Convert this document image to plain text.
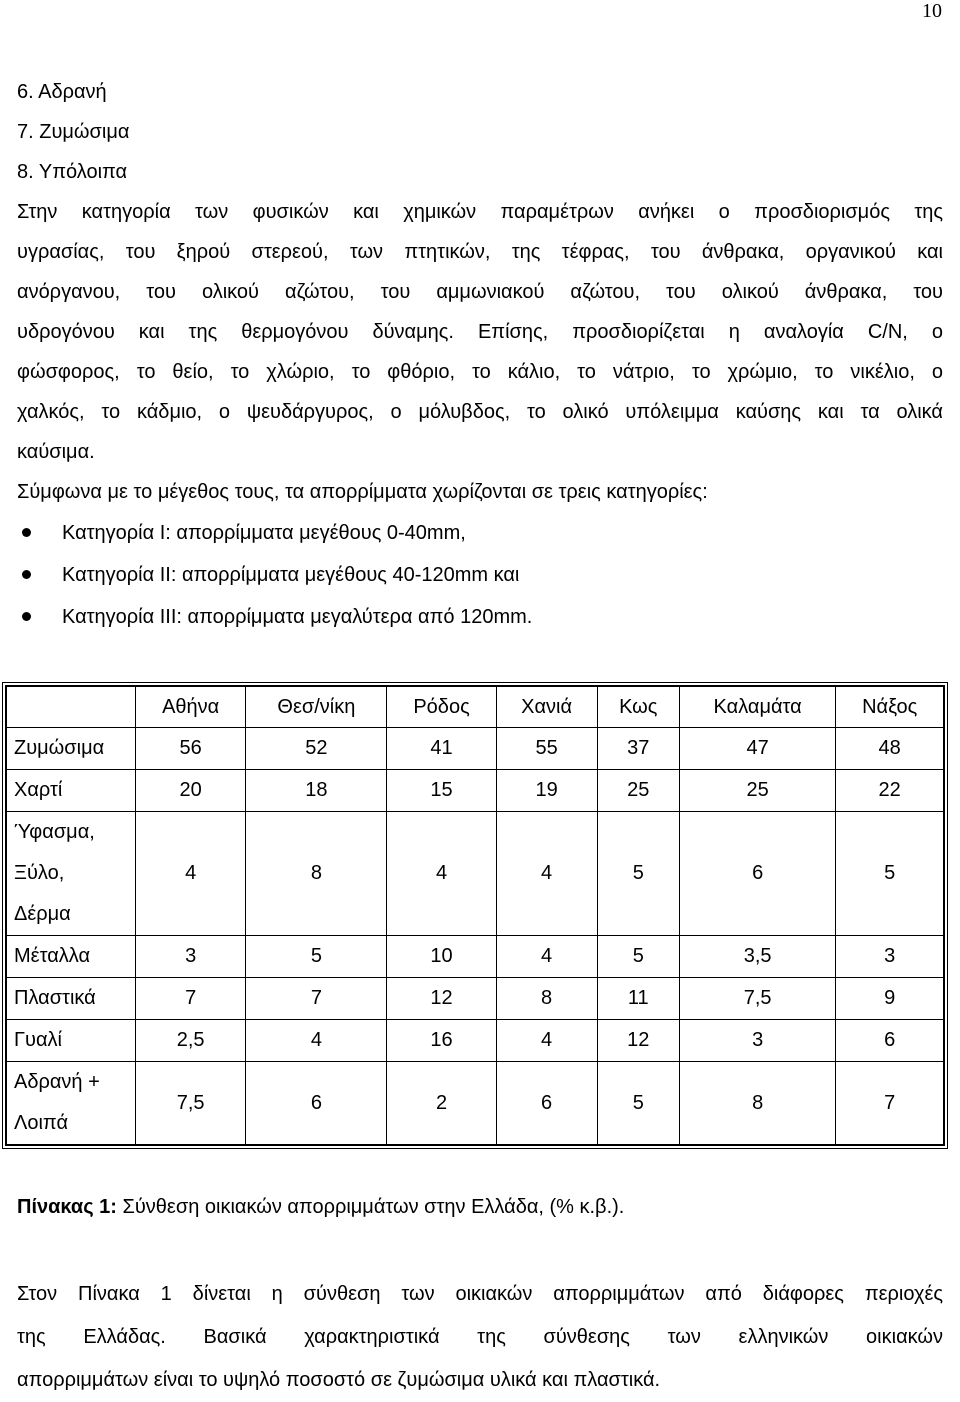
10
6. Αδρανή
7. Ζυμώσιμα
8. Υπόλοιπα
Στην κατηγορία των φυσικών και χημικών παραμέτρων ανήκει ο προσδιορισμός της
υγρασίας, του ξηρού στερεού, των πτητικών, της τέφρας, του άνθρακα, οργανικού και
ανόργανου, του ολικού αζώτου, του αμμωνιακού αζώτου, του ολικού άνθρακα, του
υδρογόνου και της θερμογόνου δύναμης. Επίσης, προσδιορίζεται η αναλογία C/N, ο
φώσφορος, το θείο, το χλώριο, το φθόριο, το κάλιο, το νάτριο, το χρώμιο, το νικέλιο, ο
χαλκός, το κάδμιο, ο ψευδάργυρος, ο μόλυβδος, το ολικό υπόλειμμα καύσης και τα ολικά
καύσιμα.
Σύμφωνα με το μέγεθος τους, τα απορρίμματα χωρίζονται σε τρεις κατηγορίες:
Κατηγορία Ι: απορρίμματα μεγέθους 0-40mm,
Κατηγορία ΙΙ: απορρίμματα μεγέθους 40-120mm και
Κατηγορία ΙΙΙ: απορρίμματα μεγαλύτερα από 120mm.
	Αθήνα	Θεσ/νίκη	Ρόδος	Χανιά	Κως	Καλαμάτα	Νάξος

Ζυμώσιμα	56	52	41	55	37	47	48

Χαρτί	20	18	15	19	25	25	22

Ύφασμα,
Ξύλο,
Δέρμα	4	8	4	4	5	6	5

Μέταλλα	3	5	10	4	5	3,5	3

Πλαστικά	7	7	12	8	11	7,5	9

Γυαλί	2,5	4	16	4	12	3	6

Αδρανή +
Λοιπά	7,5	6	2	6	5	8	7
Πίνακας 1: Σύνθεση οικιακών απορριμμάτων στην Ελλάδα, (% κ.β.).
Στον Πίνακα 1 δίνεται η σύνθεση των οικιακών απορριμμάτων από διάφορες περιοχές
της Ελλάδας. Βασικά χαρακτηριστικά της σύνθεσης των ελληνικών οικιακών
απορριμμάτων είναι το υψηλό ποσοστό σε ζυμώσιμα υλικά και πλαστικά.
